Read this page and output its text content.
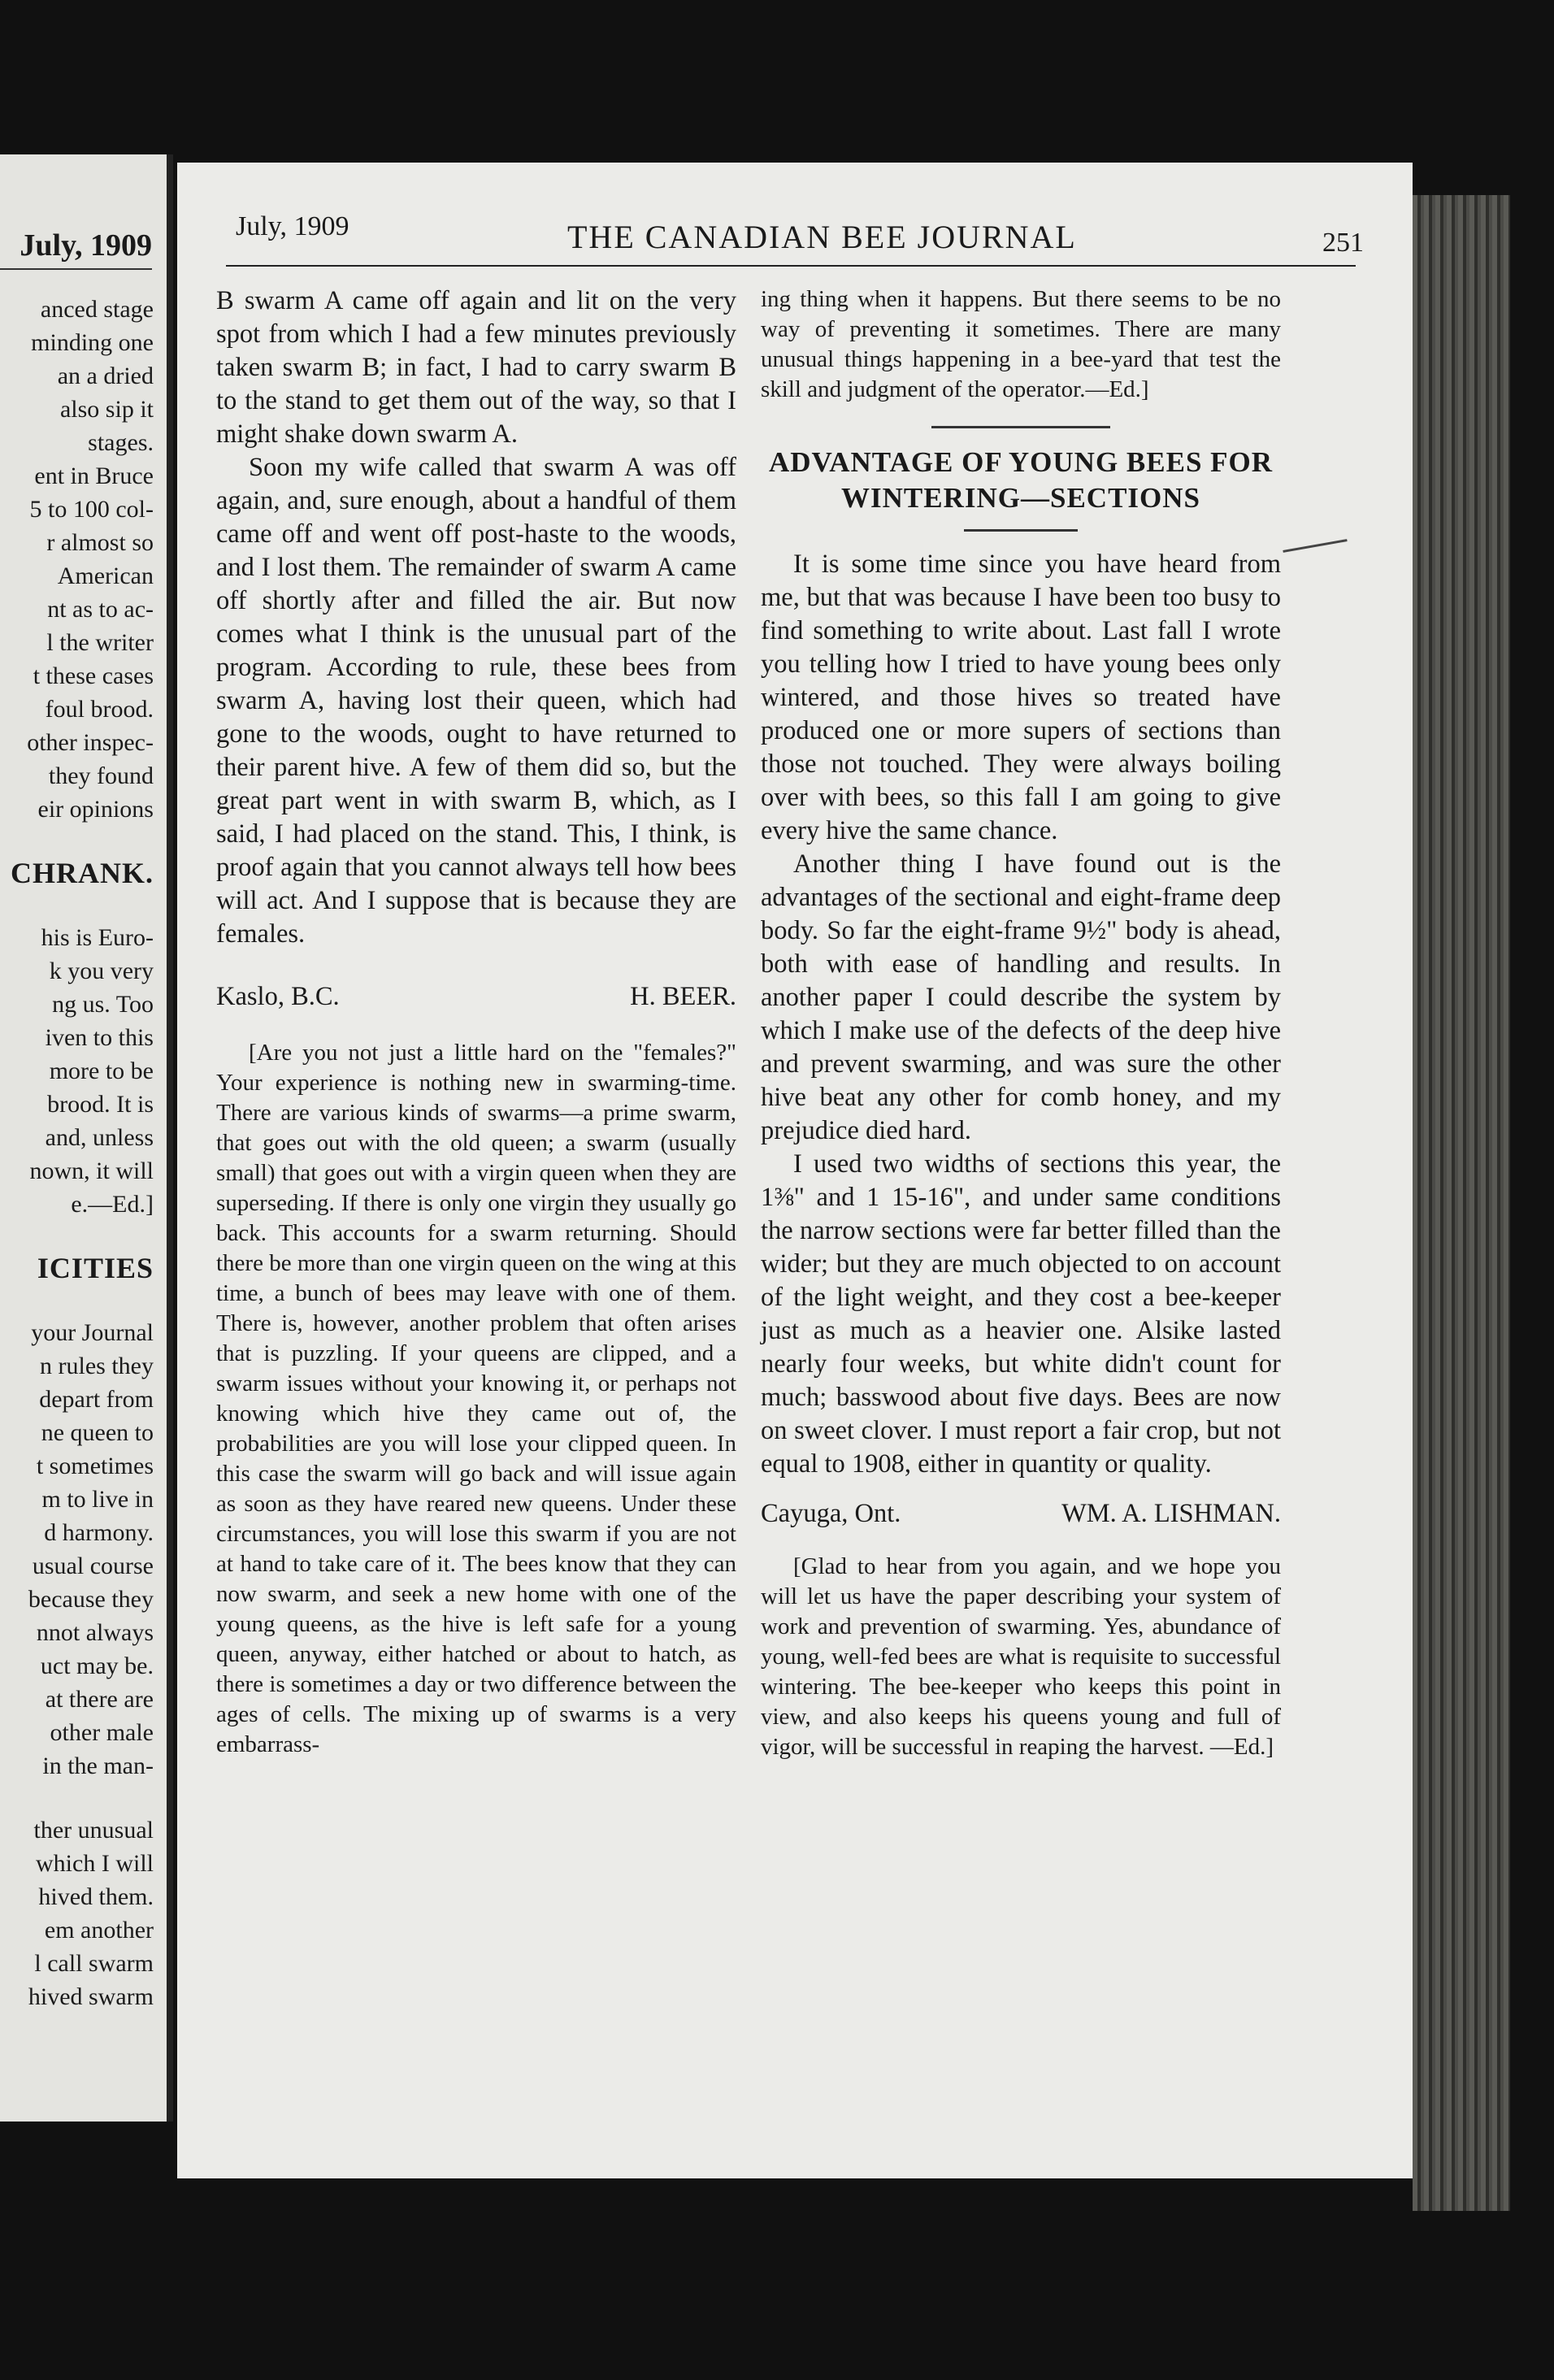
July, 1909
anced stage
minding one
an a dried
also sip it
stages.
ent in Bruce
5 to 100 col-
r almost so
American
nt as to ac-
l the writer
t these cases
foul brood.
other inspec-
they found
eir opinions
CHRANK.
his is Euro-
k you very
ng us. Too
iven to this
more to be
brood. It is
and, unless
nown, it will
e.—Ed.]
ICITIES
your Journal
n rules they
depart from
ne queen to
t sometimes
m to live in
d harmony.
usual course
because they
nnot always
uct may be.
at there are
other male
in the man-
ther unusual
which I will
hived them.
em another
l call swarm
hived swarm
July, 1909	THE CANADIAN BEE JOURNAL	251

B swarm A came off again and lit on the very spot from which I had a few minutes previously taken swarm B; in fact, I had to carry swarm B to the stand to get them out of the way, so that I might shake down swarm A.

Soon my wife called that swarm A was off again, and, sure enough, about a handful of them came off and went off post-haste to the woods, and I lost them. The remainder of swarm A came off shortly after and filled the air. But now comes what I think is the unusual part of the program. According to rule, these bees from swarm A, having lost their queen, which had gone to the woods, ought to have returned to their parent hive. A few of them did so, but the great part went in with swarm B, which, as I said, I had placed on the stand. This, I think, is proof again that you cannot always tell how bees will act. And I suppose that is because they are females.

Kaslo, B.C.	H. BEER.

[Are you not just a little hard on the "females?" Your experience is nothing new in swarming-time. There are various kinds of swarms—a prime swarm, that goes out with the old queen; a swarm (usually small) that goes out with a virgin queen when they are superseding. If there is only one virgin they usually go back. This accounts for a swarm returning. Should there be more than one virgin queen on the wing at this time, a bunch of bees may leave with one of them. There is, however, another problem that often arises that is puzzling. If your queens are clipped, and a swarm issues without your knowing it, or perhaps not knowing which hive they came out of, the probabilities are you will lose your clipped queen. In this case the swarm will go back and will issue again as soon as they have reared new queens. Under these circumstances, you will lose this swarm if you are not at hand to take care of it. The bees know that they can now swarm, and seek a new home with one of the young queens, as the hive is left safe for a young queen, anyway, either hatched or about to hatch, as there is sometimes a day or two difference between the ages of cells. The mixing up of swarms is a very embarrass-

ing thing when it happens. But there seems to be no way of preventing it sometimes. There are many unusual things happening in a bee-yard that test the skill and judgment of the operator.—Ed.]

ADVANTAGE OF YOUNG BEES FOR
WINTERING—SECTIONS

It is some time since you have heard from me, but that was because I have been too busy to find something to write about. Last fall I wrote you telling how I tried to have young bees only wintered, and those hives so treated have produced one or more supers of sections than those not touched. They were always boiling over with bees, so this fall I am going to give every hive the same chance.

Another thing I have found out is the advantages of the sectional and eight-frame deep body. So far the eight-frame 9½" body is ahead, both with ease of handling and results. In another paper I could describe the system by which I make use of the defects of the deep hive and prevent swarming, and was sure the other hive beat any other for comb honey, and my prejudice died hard.

I used two widths of sections this year, the 1⅜" and 1 15-16", and under same conditions the narrow sections were far better filled than the wider; but they are much objected to on account of the light weight, and they cost a bee-keeper just as much as a heavier one. Alsike lasted nearly four weeks, but white didn't count for much; basswood about five days. Bees are now on sweet clover. I must report a fair crop, but not equal to 1908, either in quantity or quality.

Cayuga, Ont.	WM. A. LISHMAN.

[Glad to hear from you again, and we hope you will let us have the paper describing your system of work and prevention of swarming. Yes, abundance of young, well-fed bees are what is requisite to successful wintering. The bee-keeper who keeps this point in view, and also keeps his queens young and full of vigor, will be successful in reaping the harvest. —Ed.]
